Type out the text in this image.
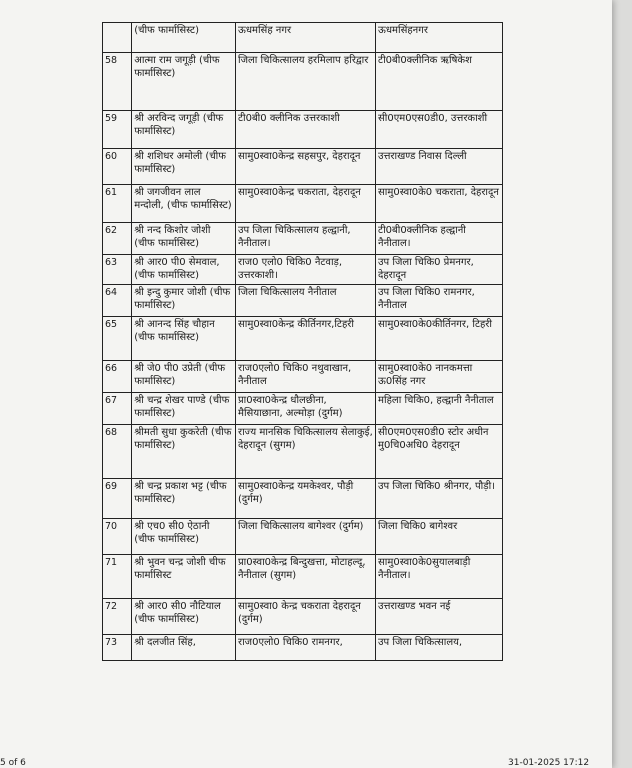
	(चीफ फार्मासिस्ट)	ऊधमसिंह नगर	ऊधमसिंहनगर
58	आत्मा राम जगूड़ी (चीफ फार्मासिस्ट)	जिला चिकित्सालय हरमिलाप हरिद्वार	टी0बी0क्लीनिक ऋषिकेश
59	श्री अरविन्द जगूड़ी (चीफ फार्मासिस्ट)	टी0बी0 क्लीनिक उत्तरकाशी	सी0एम0एस0डी0, उत्तरकाशी
60	श्री शशिधर अमोली (चीफ फार्मासिस्ट)	सामु0स्वा0केन्द्र सहसपुर, देहरादून	उत्तराखण्ड निवास दिल्ली
61	श्री जगजीवन लाल मन्दोली, (चीफ फार्मासिस्ट)	सामु0स्वा0केन्द्र चकराता, देहरादून	सामु0स्वा0के0 चकराता, देहरादून
62	श्री नन्द किशोर जोशी (चीफ फार्मासिस्ट)	उप जिला चिकित्सालय हल्द्वानी, नैनीताल।	टी0बी0क्लीनिक हल्द्वानी नैनीताल।
63	श्री आर0 पी0 सेमवाल, (चीफ फार्मासिस्ट)	राज0 एलो0 चिकि0 नैटवाड़, उत्तरकाशी।	उप जिला चिकि0 प्रेमनगर, देहरादून
64	श्री इन्दु कुमार जोशी (चीफ फार्मासिस्ट)	जिला चिकित्सालय नैनीताल	उप जिला चिकि0 रामनगर, नैनीताल
65	श्री आनन्द सिंह चौहान (चीफ फार्मासिस्ट)	सामु0स्वा0केन्द्र कीर्तिनगर,टिहरी	सामु0स्वा0के0कीर्तिनगर, टिहरी
66	श्री जे0 पी0 उप्रेती (चीफ फार्मासिस्ट)	राज0एलो0 चिकि0 नथुवाखान, नैनीताल	सामु0स्वा0के0 नानकमत्ता ऊ0सिंह नगर
67	श्री चन्द्र शेखर पाण्डे (चीफ फार्मासिस्ट)	प्रा0स्वा0केन्द्र धौलछीना, मैसियाछाना, अल्मोड़ा (दुर्गम)	महिला चिकि0, हल्द्वानी नैनीताल
68	श्रीमती सुधा कुकरेती (चीफ फार्मासिस्ट)	राज्य मानसिक चिकित्सालय सेलाकुई, देहरादून (सुगम)	सी0एम0एस0डी0 स्टोर अधीन मु0चि0अधि0 देहरादून
69	श्री चन्द्र प्रकाश भट्ट (चीफ फार्मासिस्ट)	सामु0स्वा0केन्द्र यमकेश्वर, पौड़ी (दुर्गम)	उप जिला चिकि0 श्रीनगर, पौड़ी।
70	श्री एच0 सी0 ऐठानी (चीफ फार्मासिस्ट)	जिला चिकित्सालय बागेश्वर (दुर्गम)	जिला चिकि0 बागेश्वर
71	श्री भुवन चन्द्र जोशी चीफ फार्मासिस्ट	प्रा0स्वा0केन्द्र बिन्दुखत्ता, मोटाहल्दू, नैनीताल (सुगम)	सामु0स्वा0के0सुयालबाड़ी नैनीताल।
72	श्री आर0 सी0 नौटियाल (चीफ फार्मासिस्ट)	सामु0स्वा0 केन्द्र चकराता देहरादून (दुर्गम)	उत्तराखण्ड भवन नई
73	श्री दलजीत सिंह,	राज0एलो0 चिकि0 रामनगर,	उप जिला चिकित्सालय,
5 of 6	31-01-2025 17:12
